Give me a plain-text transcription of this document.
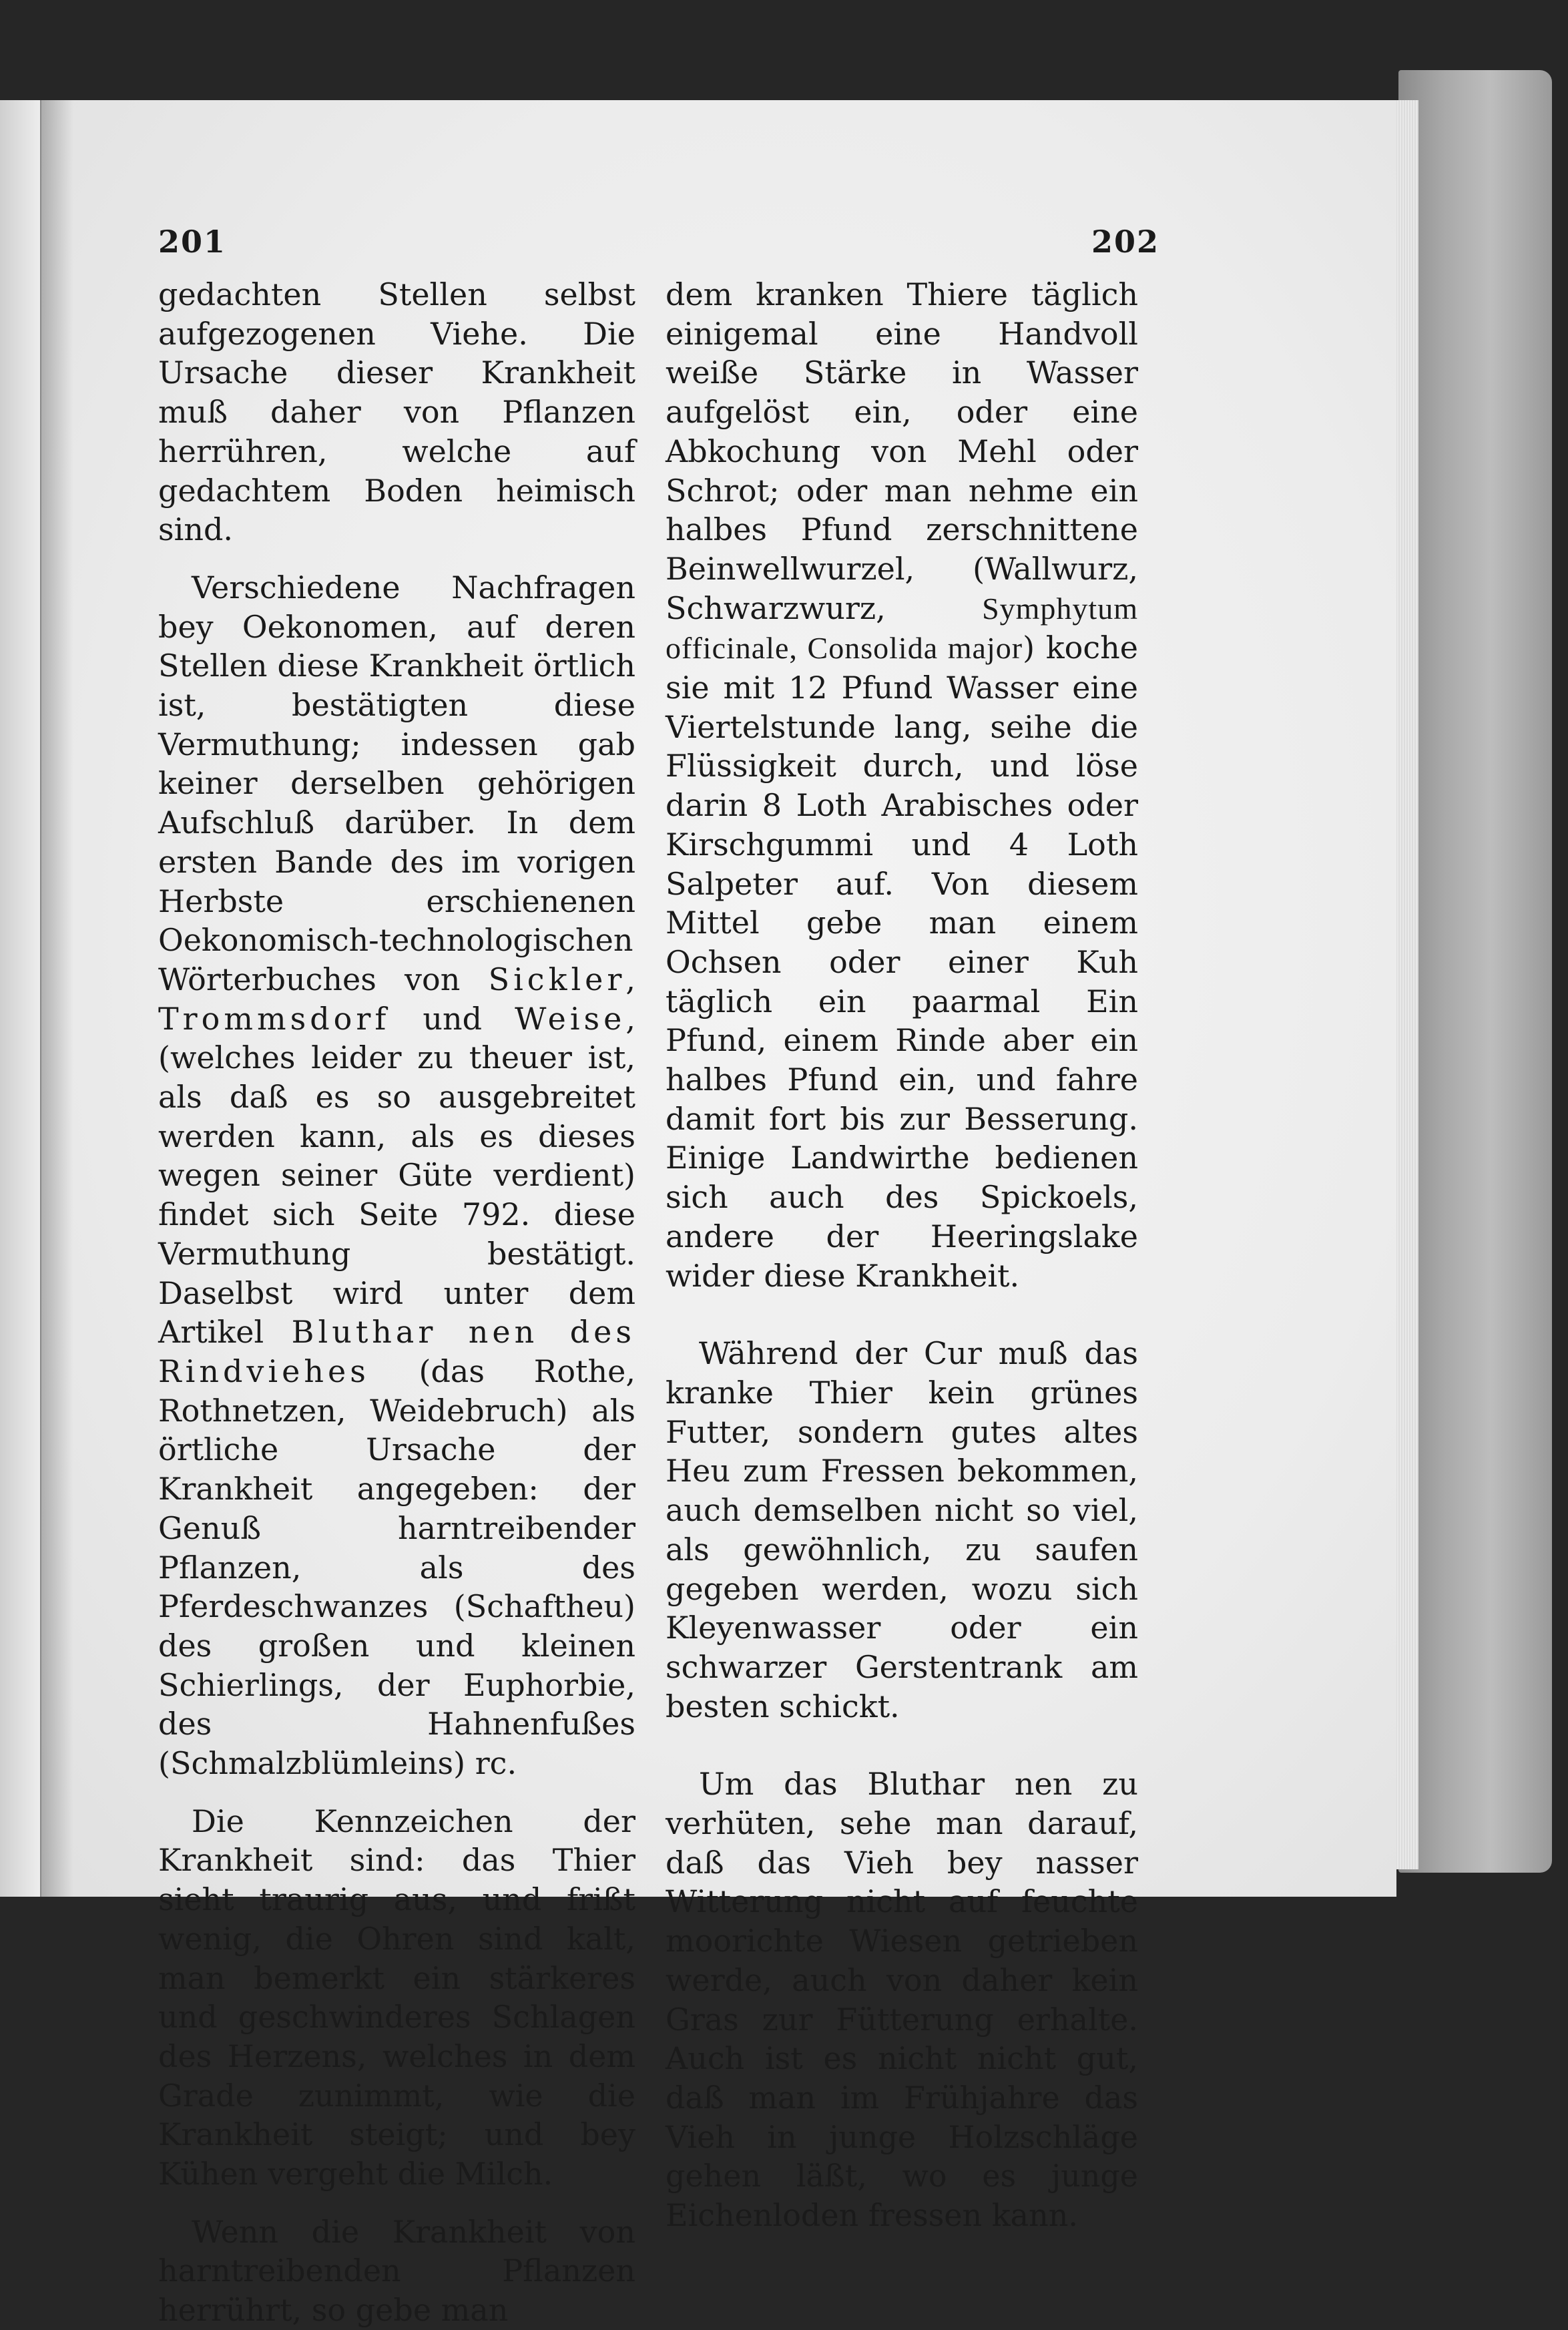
201	202

gedachten Stellen selbst aufgezogenen Viehe. Die Ursache dieser Krankheit muß daher von Pflanzen herrühren, welche auf gedachtem Boden heimisch sind.

Verschiedene Nachfragen bey Oekonomen, auf deren Stellen diese Krankheit örtlich ist, bestätigten diese Vermuthung; indessen gab keiner derselben gehörigen Aufschluß darüber. In dem ersten Bande des im vorigen Herbste erschienenen Oekonomisch-technologischen Wörterbuches von Sickler, Trommsdorf und Weise, (welches leider zu theuer ist, als daß es so ausgebreitet werden kann, als es dieses wegen seiner Güte verdient) findet sich Seite 792. diese Vermuthung bestätigt. Daselbst wird unter dem Artikel Bluthar nen des Rindviehes (das Rothe, Rothnetzen, Weidebruch) als örtliche Ursache der Krankheit angegeben: der Genuß harntreibender Pflanzen, als des Pferdeschwanzes (Schaftheu) des großen und kleinen Schierlings, der Euphorbie, des Hahnenfußes (Schmalzblümleins) rc.

Die Kennzeichen der Krankheit sind: das Thier sieht traurig aus, und frißt wenig, die Ohren sind kalt, man bemerkt ein stärkeres und geschwinderes Schlagen des Herzens, welches in dem Grade zunimmt, wie die Krankheit steigt; und bey Kühen vergeht die Milch.

Wenn die Krankheit von harntreibenden Pflanzen herrührt, so gebe man

dem kranken Thiere täglich einigemal eine Handvoll weiße Stärke in Wasser aufgelöst ein, oder eine Abkochung von Mehl oder Schrot; oder man nehme ein halbes Pfund zerschnittene Beinwellwurzel, (Wallwurz, Schwarzwurz, Symphytum officinale, Consolida major) koche sie mit 12 Pfund Wasser eine Viertelstunde lang, seihe die Flüssigkeit durch, und löse darin 8 Loth Arabisches oder Kirschgummi und 4 Loth Salpeter auf. Von diesem Mittel gebe man einem Ochsen oder einer Kuh täglich ein paarmal Ein Pfund, einem Rinde aber ein halbes Pfund ein, und fahre damit fort bis zur Besserung. Einige Landwirthe bedienen sich auch des Spickoels, andere der Heeringslake wider diese Krankheit.

Während der Cur muß das kranke Thier kein grünes Futter, sondern gutes altes Heu zum Fressen bekommen, auch demselben nicht so viel, als gewöhnlich, zu saufen gegeben werden, wozu sich Kleyenwasser oder ein schwarzer Gerstentrank am besten schickt.

Um das Bluthar nen zu verhüten, sehe man darauf, daß das Vieh bey nasser Witterung nicht auf feuchte moorichte Wiesen getrieben werde, auch von daher kein Gras zur Fütterung erhalte. Auch ist es nicht nicht gut, daß man im Frühjahre das Vieh in junge Holzschläge gehen läßt, wo es junge Eichenloden fressen kann.
